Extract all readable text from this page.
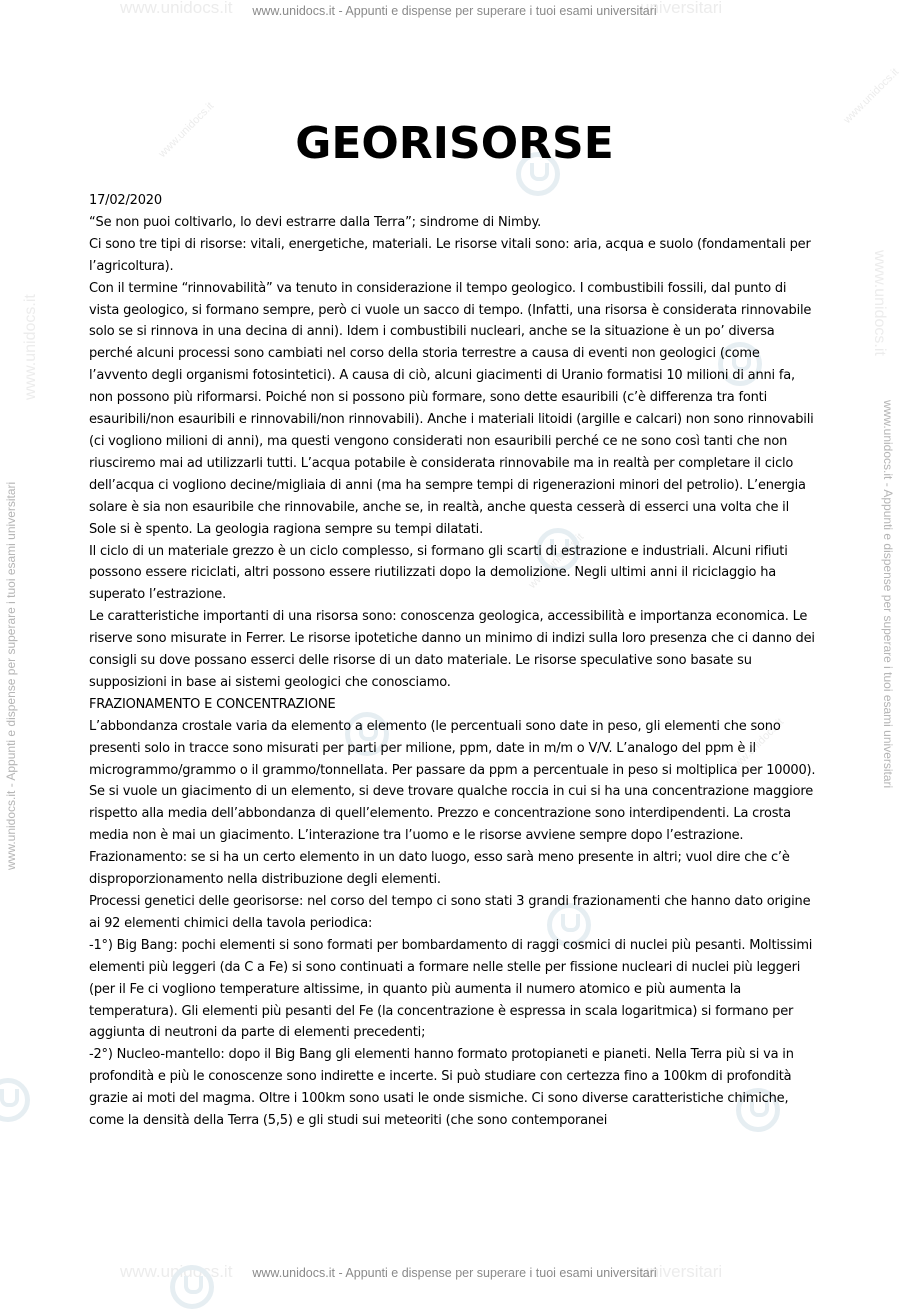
www.unidocs.it	universitari
www.unidocs.it - Appunti e dispense per superare i tuoi esami universitari
www.unidocs.it	universitari
www.unidocs.it - Appunti e dispense per superare i tuoi esami universitari
www.unidocs.it - Appunti e dispense per superare i tuoi esami universitari	www.unidocs.it - Appunti e dispense per superare i tuoi esami universitari
www.unidocs.it	www.unidocs.it
www.unidocs.it
www.unidocs.it
www.unidocs.it
www.unidocs.it
GEORISORSE

17/02/2020

“Se non puoi coltivarlo, lo devi estrarre dalla Terra”; sindrome di Nimby.

Ci sono tre tipi di risorse: vitali, energetiche, materiali. Le risorse vitali sono: aria, acqua e suolo (fondamentali per l’agricoltura).

Con il termine “rinnovabilità” va tenuto in considerazione il tempo geologico. I combustibili fossili, dal punto di vista geologico, si formano sempre, però ci vuole un sacco di tempo. (Infatti, una risorsa è considerata rinnovabile solo se si rinnova in una decina di anni). Idem i combustibili nucleari, anche se la situazione è un po’ diversa perché alcuni processi sono cambiati nel corso della storia terrestre a causa di eventi non geologici (come l’avvento degli organismi fotosintetici). A causa di ciò, alcuni giacimenti di Uranio formatisi 10 milioni di anni fa, non possono più riformarsi. Poiché non si possono più formare, sono dette esauribili (c’è differenza tra fonti esauribili/non esauribili e rinnovabili/non rinnovabili). Anche i materiali litoidi (argille e calcari) non sono rinnovabili (ci vogliono milioni di anni), ma questi vengono considerati non esauribili perché ce ne sono così tanti che non riusciremo mai ad utilizzarli tutti. L’acqua potabile è considerata rinnovabile ma in realtà per completare il ciclo dell’acqua ci vogliono decine/migliaia di anni (ma ha sempre tempi di rigenerazioni minori del petrolio). L’energia solare è sia non esauribile che rinnovabile, anche se, in realtà, anche questa cesserà di esserci una volta che il Sole si è spento. La geologia ragiona sempre su tempi dilatati.

Il ciclo di un materiale grezzo è un ciclo complesso, si formano gli scarti di estrazione e industriali. Alcuni rifiuti possono essere riciclati, altri possono essere riutilizzati dopo la demolizione. Negli ultimi anni il riciclaggio ha superato l’estrazione.

Le caratteristiche importanti di una risorsa sono: conoscenza geologica, accessibilità e importanza economica. Le riserve sono misurate in Ferrer. Le risorse ipotetiche danno un minimo di indizi sulla loro presenza che ci danno dei consigli su dove possano esserci delle risorse di un dato materiale. Le risorse speculative sono basate su supposizioni in base ai sistemi geologici che conosciamo.

FRAZIONAMENTO E CONCENTRAZIONE

L’abbondanza crostale varia da elemento a elemento (le percentuali sono date in peso, gli elementi che sono presenti solo in tracce sono misurati per parti per milione, ppm, date in m/m o V/V. L’analogo del ppm è il microgrammo/grammo o il grammo/tonnellata. Per passare da ppm a percentuale in peso si moltiplica per 10000). Se si vuole un giacimento di un elemento, si deve trovare qualche roccia in cui si ha una concentrazione maggiore rispetto alla media dell’abbondanza di quell’elemento. Prezzo e concentrazione sono interdipendenti. La crosta media non è mai un giacimento. L’interazione tra l’uomo e le risorse avviene sempre dopo l’estrazione.

Frazionamento: se si ha un certo elemento in un dato luogo, esso sarà meno presente in altri; vuol dire che c’è disproporzionamento nella distribuzione degli elementi.

Processi genetici delle georisorse: nel corso del tempo ci sono stati 3 grandi frazionamenti che hanno dato origine ai 92 elementi chimici della tavola periodica:

-1°) Big Bang: pochi elementi si sono formati per bombardamento di raggi cosmici di nuclei più pesanti. Moltissimi elementi più leggeri (da C a Fe) si sono continuati a formare nelle stelle per fissione nucleari di nuclei più leggeri (per il Fe ci vogliono temperature altissime, in quanto più aumenta il numero atomico e più aumenta la temperatura). Gli elementi più pesanti del Fe (la concentrazione è espressa in scala logaritmica) si formano per aggiunta di neutroni da parte di elementi precedenti;

-2°) Nucleo-mantello: dopo il Big Bang gli elementi hanno formato protopianeti e pianeti. Nella Terra più si va in profondità e più le conoscenze sono indirette e incerte. Si può studiare con certezza fino a 100km di profondità grazie ai moti del magma. Oltre i 100km sono usati le onde sismiche. Ci sono diverse caratteristiche chimiche, come la densità della Terra (5,5) e gli studi sui meteoriti (che sono contemporanei
